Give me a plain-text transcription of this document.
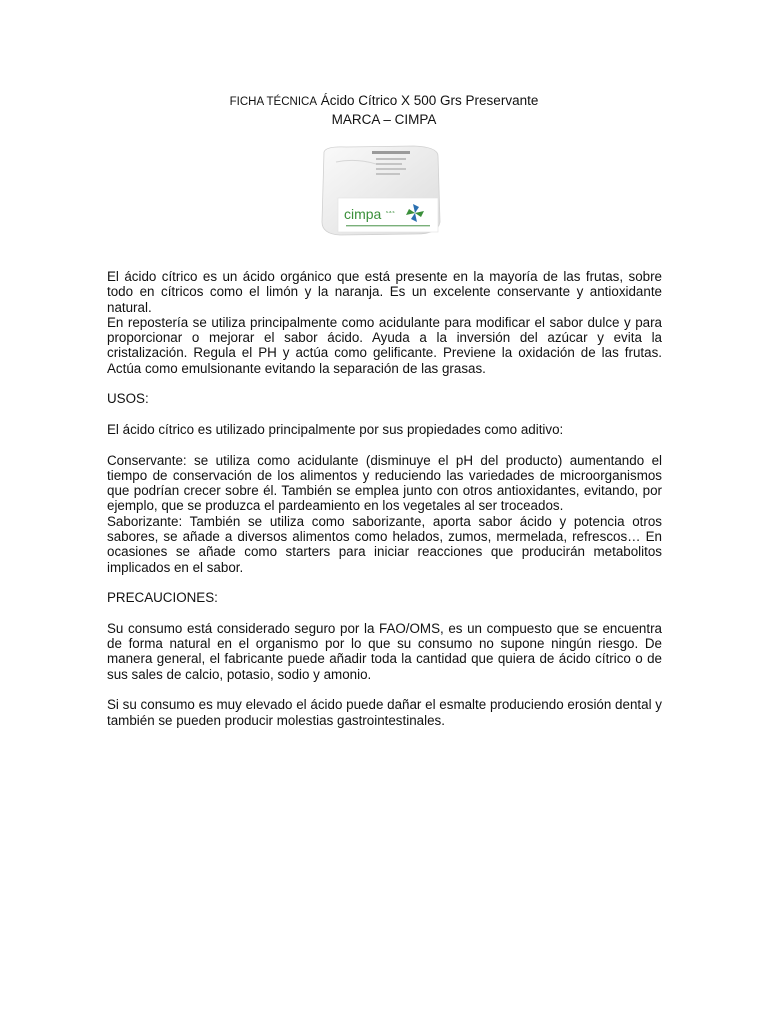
FICHA TÉCNICA Ácido Cítrico X 500 Grs Preservante

MARCA – CIMPA

cimpa s.a.s

El ácido cítrico es un ácido orgánico que está presente en la mayoría de las frutas, sobre todo en cítricos como el limón y la naranja. Es un excelente conservante y antioxidante natural.

En repostería se utiliza principalmente como acidulante para modificar el sabor dulce y para proporcionar o mejorar el sabor ácido. Ayuda a la inversión del azúcar y evita la cristalización. Regula el PH y actúa como gelificante. Previene la oxidación de las frutas. Actúa como emulsionante evitando la separación de las grasas.

USOS:

El ácido cítrico es utilizado principalmente por sus propiedades como aditivo:

Conservante: se utiliza como acidulante (disminuye el pH del producto) aumentando el tiempo de conservación de los alimentos y reduciendo las variedades de microorganismos que podrían crecer sobre él. También se emplea junto con otros antioxidantes, evitando, por ejemplo, que se produzca el pardeamiento en los vegetales al ser troceados.

Saborizante: También se utiliza como saborizante, aporta sabor ácido y potencia otros sabores, se añade a diversos alimentos como helados, zumos, mermelada, refrescos… En ocasiones se añade como starters para iniciar reacciones que producirán metabolitos implicados en el sabor.

PRECAUCIONES:

Su consumo está considerado seguro por la FAO/OMS, es un compuesto que se encuentra de forma natural en el organismo por lo que su consumo no supone ningún riesgo. De manera general, el fabricante puede añadir toda la cantidad que quiera de ácido cítrico o de sus sales de calcio, potasio, sodio y amonio.

Si su consumo es muy elevado el ácido puede dañar el esmalte produciendo erosión dental y también se pueden producir molestias gastrointestinales.
